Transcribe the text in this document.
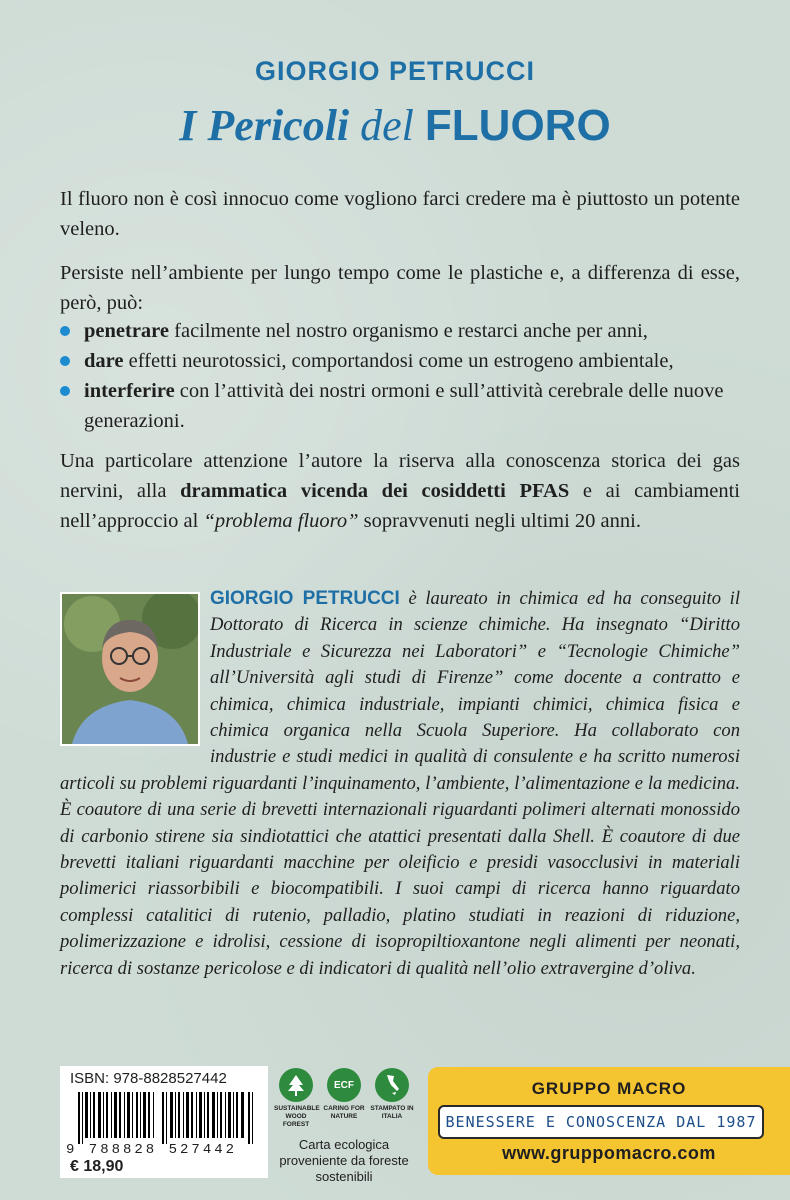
GIORGIO PETRUCCI
I Pericoli del FLUORO
Il fluoro non è così innocuo come vogliono farci credere ma è piuttosto un potente veleno.
Persiste nell’ambiente per lungo tempo come le plastiche e, a differenza di esse, però, può:
penetrare facilmente nel nostro organismo e restarci anche per anni,
dare effetti neurotossici, comportandosi come un estrogeno ambientale,
interferire con l’attività dei nostri ormoni e sull’attività cerebrale delle nuove generazioni.
Una particolare attenzione l’autore la riserva alla conoscenza storica dei gas nervini, alla drammatica vicenda dei cosiddetti PFAS e ai cambiamenti nell’approccio al “problema fluoro” sopravvenuti negli ultimi 20 anni.
GIORGIO PETRUCCI è laureato in chimica ed ha conseguito il Dottorato di Ricerca in scienze chimiche. Ha insegnato “Diritto Industriale e Sicurezza nei Laboratori” e “Tecnologie Chimiche” all’Università agli studi di Firenze” come docente a contratto e chimica, chimica industriale, impianti chimici, chimica fisica e chimica organica nella Scuola Superiore. Ha collaborato con industrie e studi medici in qualità di consulente e ha scritto numerosi articoli su problemi riguardanti l’inquinamento, l’ambiente, l’alimentazione e la medicina. È coautore di una serie di brevetti internazionali riguardanti polimeri alternati monossido di carbonio stirene sia sindiotattici che atattici presentati dalla Shell. È coautore di due brevetti italiani riguardanti macchine per oleificio e presidi vasocclusivi in materiali polimerici riassorbibili e biocompatibili. I suoi campi di ricerca hanno riguardato complessi catalitici di rutenio, palladio, platino studiati in reazioni di riduzione, polimerizzazione e idrolisi, cessione di isopropiltioxantone negli alimenti per neonati, ricerca di sostanze pericolose e di indicatori di qualità nell’olio extravergine d’oliva.
ISBN: 978-8828527442
9 788828 527442
€ 18,90
SUSTAINABLE WOOD FOREST
ECF
CARING FOR NATURE
STAMPATO IN ITALIA
Carta ecologica proveniente da foreste sostenibili
GRUPPO MACRO
BENESSERE E CONOSCENZA DAL 1987
www.gruppomacro.com
